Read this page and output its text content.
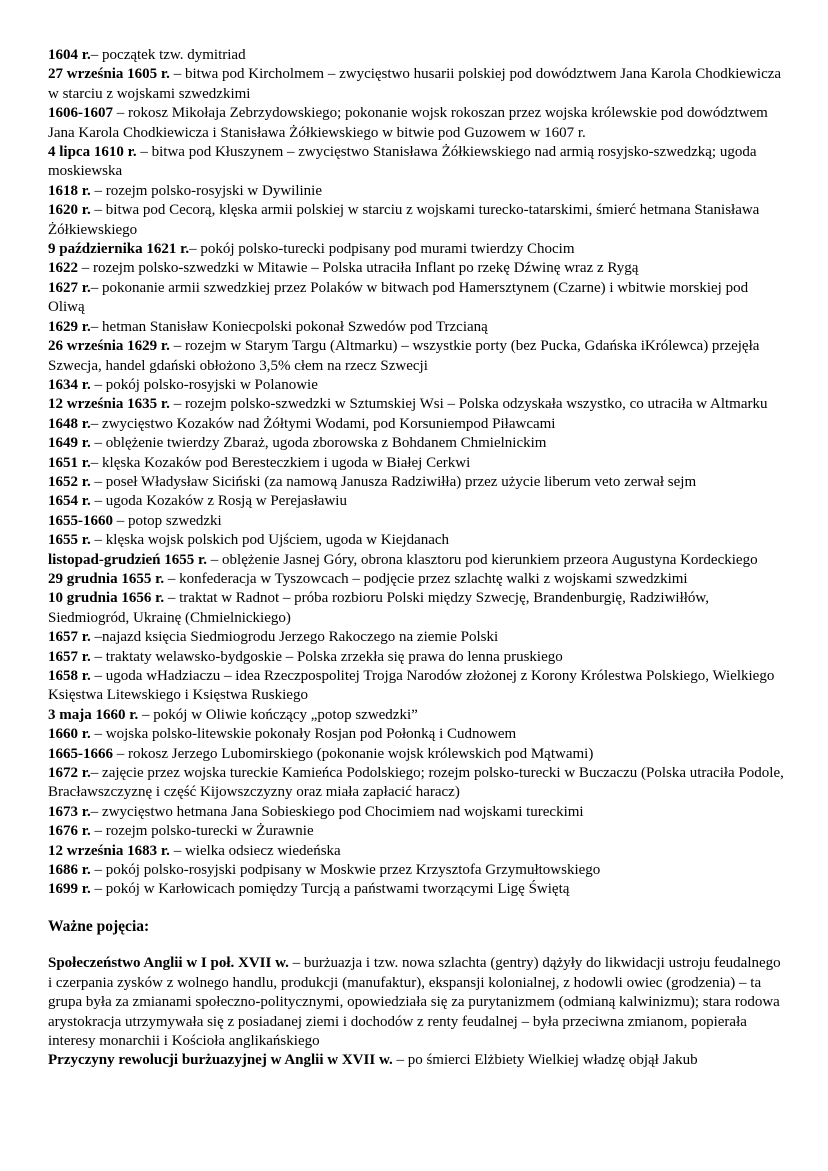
1604 r.– początek tzw. dymitriad

27 września 1605 r. – bitwa pod Kircholmem – zwycięstwo husarii polskiej pod dowództwem Jana Karola Chodkiewicza w starciu z wojskami szwedzkimi

1606-1607 – rokosz Mikołaja Zebrzydowskiego; pokonanie wojsk rokoszan przez wojska królewskie pod dowództwem Jana Karola Chodkiewicza i Stanisława Żółkiewskiego w bitwie pod Guzowem w 1607 r.

4 lipca 1610 r. – bitwa pod Kłuszynem – zwycięstwo Stanisława Żółkiewskiego nad armią rosyjsko-szwedzką; ugoda moskiewska

1618 r. – rozejm polsko-rosyjski w Dywilinie

1620 r. – bitwa pod Cecorą, klęska armii polskiej w starciu z wojskami turecko-tatarskimi, śmierć hetmana Stanisława Żółkiewskiego

9 października 1621 r.– pokój polsko-turecki podpisany pod murami twierdzy Chocim

1622 – rozejm polsko-szwedzki w Mitawie – Polska utraciła Inflant po rzekę Dźwinę wraz z Rygą

1627 r.– pokonanie armii szwedzkiej przez Polaków w bitwach pod Hamersztynem (Czarne) i wbitwie morskiej pod Oliwą

1629 r.– hetman Stanisław Koniecpolski pokonał Szwedów pod Trzcianą

26 września 1629 r. – rozejm w Starym Targu (Altmarku) – wszystkie porty (bez Pucka, Gdańska iKrólewca) przejęła Szwecja, handel gdański obłożono 3,5% cłem na rzecz Szwecji

1634 r. – pokój polsko-rosyjski w Polanowie

12 września 1635 r. – rozejm polsko-szwedzki w Sztumskiej Wsi – Polska odzyskała wszystko, co utraciła w Altmarku

1648 r.– zwycięstwo Kozaków nad Żółtymi Wodami, pod Korsuniempod Piławcami

1649 r. – oblężenie twierdzy Zbaraż, ugoda zborowska z Bohdanem Chmielnickim

1651 r.– klęska Kozaków pod Beresteczkiem i ugoda w Białej Cerkwi

1652 r. – poseł Władysław Siciński (za namową Janusza Radziwiłła) przez użycie liberum veto zerwał sejm

1654 r. – ugoda Kozaków z Rosją w Perejasławiu

1655-1660 – potop szwedzki

1655 r. – klęska wojsk polskich pod Ujściem, ugoda w Kiejdanach

listopad-grudzień 1655 r. – oblężenie Jasnej Góry, obrona klasztoru pod kierunkiem przeora Augustyna Kordeckiego

29 grudnia 1655 r. – konfederacja w Tyszowcach – podjęcie przez szlachtę walki z wojskami szwedzkimi

10 grudnia 1656 r. – traktat w Radnot – próba rozbioru Polski między Szwecję, Brandenburgię, Radziwiłłów, Siedmiogród, Ukrainę (Chmielnickiego)

1657 r. –najazd księcia Siedmiogrodu Jerzego Rakoczego na ziemie Polski

1657 r. – traktaty welawsko-bydgoskie – Polska zrzekła się prawa do lenna pruskiego

1658 r. – ugoda wHadziaczu – idea Rzeczpospolitej Trojga Narodów złożonej z Korony Królestwa Polskiego, Wielkiego Księstwa Litewskiego i Księstwa Ruskiego

3 maja 1660 r. – pokój w Oliwie kończący „potop szwedzki”

1660 r. – wojska polsko-litewskie pokonały Rosjan pod Połonką i Cudnowem

1665-1666 – rokosz Jerzego Lubomirskiego (pokonanie wojsk królewskich pod Mątwami)

1672 r.– zajęcie przez wojska tureckie Kamieńca Podolskiego; rozejm polsko-turecki w Buczaczu (Polska utraciła Podole, Bracławszczyznę i część Kijowszczyzny oraz miała zapłacić haracz)

1673 r.– zwycięstwo hetmana Jana Sobieskiego pod Chocimiem nad wojskami tureckimi

1676 r. – rozejm polsko-turecki w Żurawnie

12 września 1683 r. – wielka odsiecz wiedeńska

1686 r. – pokój polsko-rosyjski podpisany w Moskwie przez Krzysztofa Grzymułtowskiego

1699 r. – pokój w Karłowicach pomiędzy Turcją a państwami tworzącymi Ligę Świętą

Ważne pojęcia:

Społeczeństwo Anglii w I poł. XVII w. – burżuazja i tzw. nowa szlachta (gentry) dążyły do likwidacji ustroju feudalnego i czerpania zysków z wolnego handlu, produkcji (manufaktur), ekspansji kolonialnej, z hodowli owiec (grodzenia) – ta grupa była za zmianami społeczno-politycznymi, opowiedziała się za purytanizmem (odmianą kalwinizmu); stara rodowa arystokracja utrzymywała się z posiadanej ziemi i dochodów z renty feudalnej – była przeciwna zmianom, popierała interesy monarchii i Kościoła anglikańskiego

Przyczyny rewolucji burżuazyjnej w Anglii w XVII w. – po śmierci Elżbiety Wielkiej władzę objął Jakub
